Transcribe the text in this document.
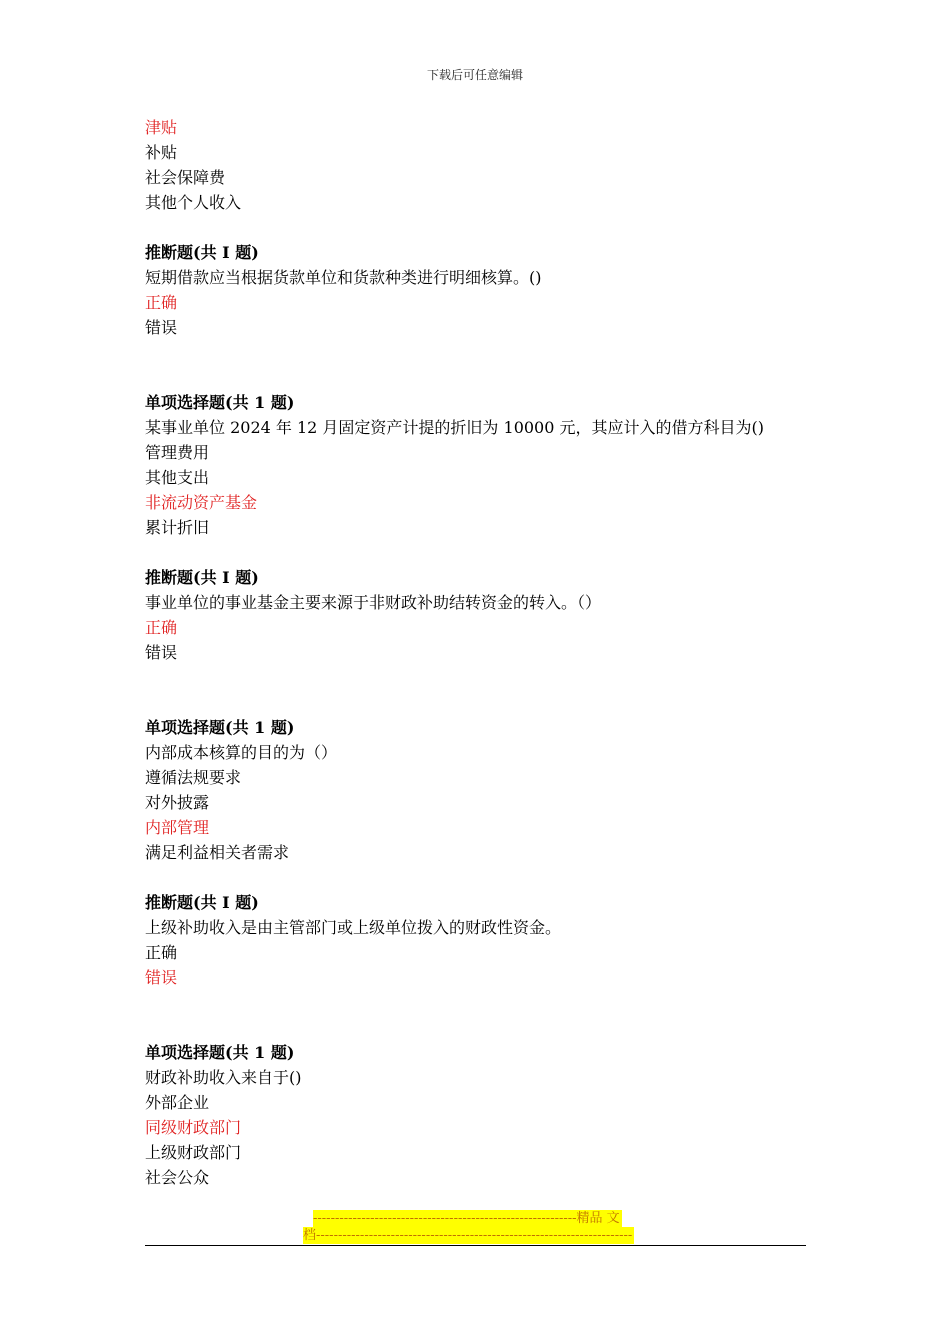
下载后可任意编辑
津贴
补贴
社会保障费
其他个人收入
推断题(共 I 题)
短期借款应当根据货款单位和货款种类进行明细核算。()
正确
错误
单项选择题(共 1 题)
某事业单位 2024 年 12 月固定资产计提的折旧为 10000 元，其应计入的借方科目为()
管理费用
其他支出
非流动资产基金
累计折旧
推断题(共 I 题)
事业单位的事业基金主要来源于非财政补助结转资金的转入。（）
正确
错误
单项选择题(共 1 题)
内部成本核算的目的为（）
遵循法规要求
对外披露
内部管理
满足利益相关者需求
推断题(共 I 题)
上级补助收入是由主管部门或上级单位拨入的财政性资金。
正确
错误
单项选择题(共 1 题)
财政补助收入来自于()
外部企业
同级财政部门
上级财政部门
社会公众
------------------------------------------------------------精品 文
档------------------------------------------------------------------------
